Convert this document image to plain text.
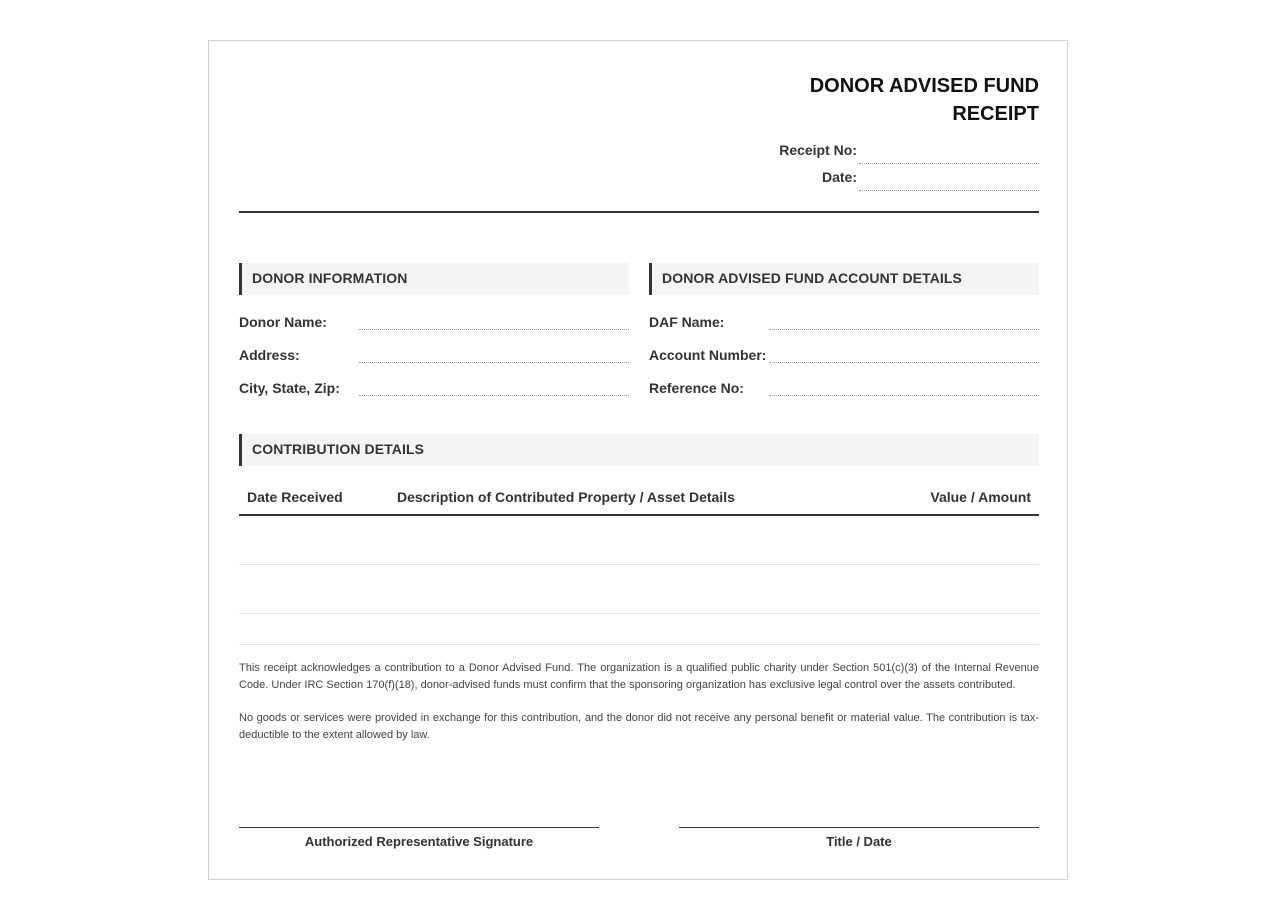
DONOR ADVISED FUND
RECEIPT
Receipt No:
Date:
DONOR INFORMATION
Donor Name:
Address:
City, State, Zip:
DONOR ADVISED FUND ACCOUNT DETAILS
DAF Name:
Account Number:
Reference No:
CONTRIBUTION DETAILS
Date Received	Description of Contributed Property / Asset Details	Value / Amount
This receipt acknowledges a contribution to a Donor Advised Fund. The organization is a qualified public charity under Section 501(c)(3) of the Internal Revenue Code. Under IRC Section 170(f)(18), donor-advised funds must confirm that the sponsoring organization has exclusive legal control over the assets contributed.
No goods or services were provided in exchange for this contribution, and the donor did not receive any personal benefit or material value. The contribution is tax-deductible to the extent allowed by law.
Authorized Representative Signature	Title / Date
